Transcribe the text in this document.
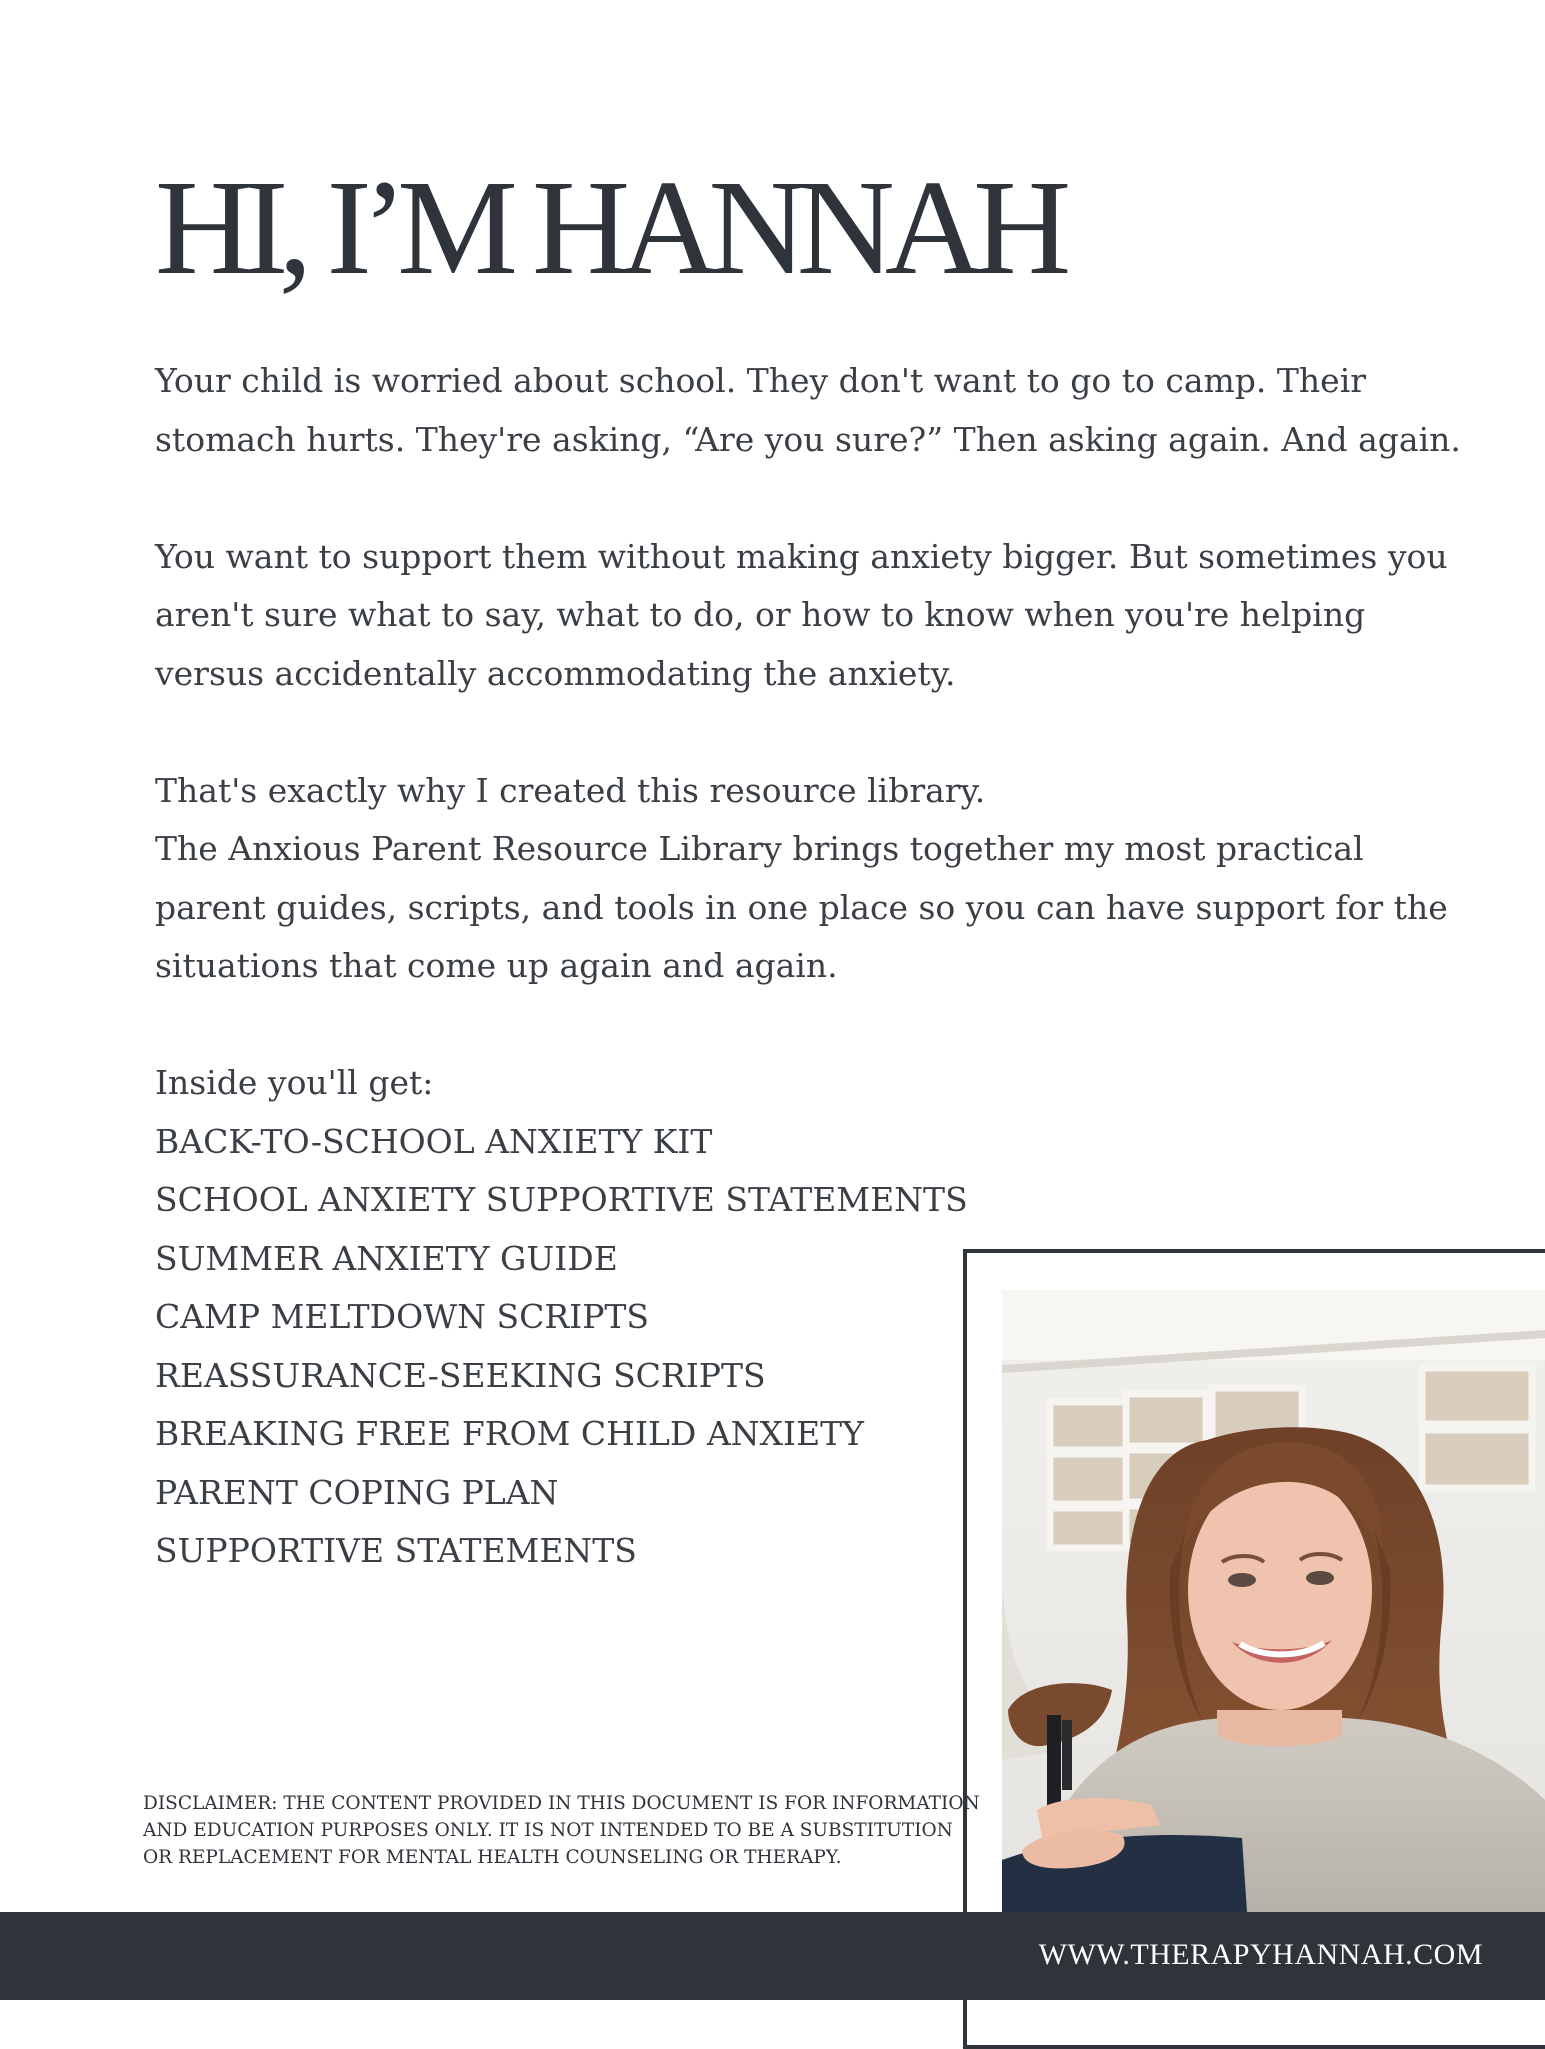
HI, I’M HANNAH

Your child is worried about school. They don't want to go to camp. Their
stomach hurts. They're asking, “Are you sure?” Then asking again. And again.

You want to support them without making anxiety bigger. But sometimes you
aren't sure what to say, what to do, or how to know when you're helping
versus accidentally accommodating the anxiety.

That's exactly why I created this resource library.
The Anxious Parent Resource Library brings together my most practical
parent guides, scripts, and tools in one place so you can have support for the
situations that come up again and again.

Inside you'll get:
BACK-TO-SCHOOL ANXIETY KIT
SCHOOL ANXIETY SUPPORTIVE STATEMENTS
SUMMER ANXIETY GUIDE
CAMP MELTDOWN SCRIPTS
REASSURANCE-SEEKING SCRIPTS
BREAKING FREE FROM CHILD ANXIETY
PARENT COPING PLAN
SUPPORTIVE STATEMENTS
DISCLAIMER: THE CONTENT PROVIDED IN THIS DOCUMENT IS FOR INFORMATION
AND EDUCATION PURPOSES ONLY. IT IS NOT INTENDED TO BE A SUBSTITUTION
OR REPLACEMENT FOR MENTAL HEALTH COUNSELING OR THERAPY.
WWW.THERAPYHANNAH.COM
